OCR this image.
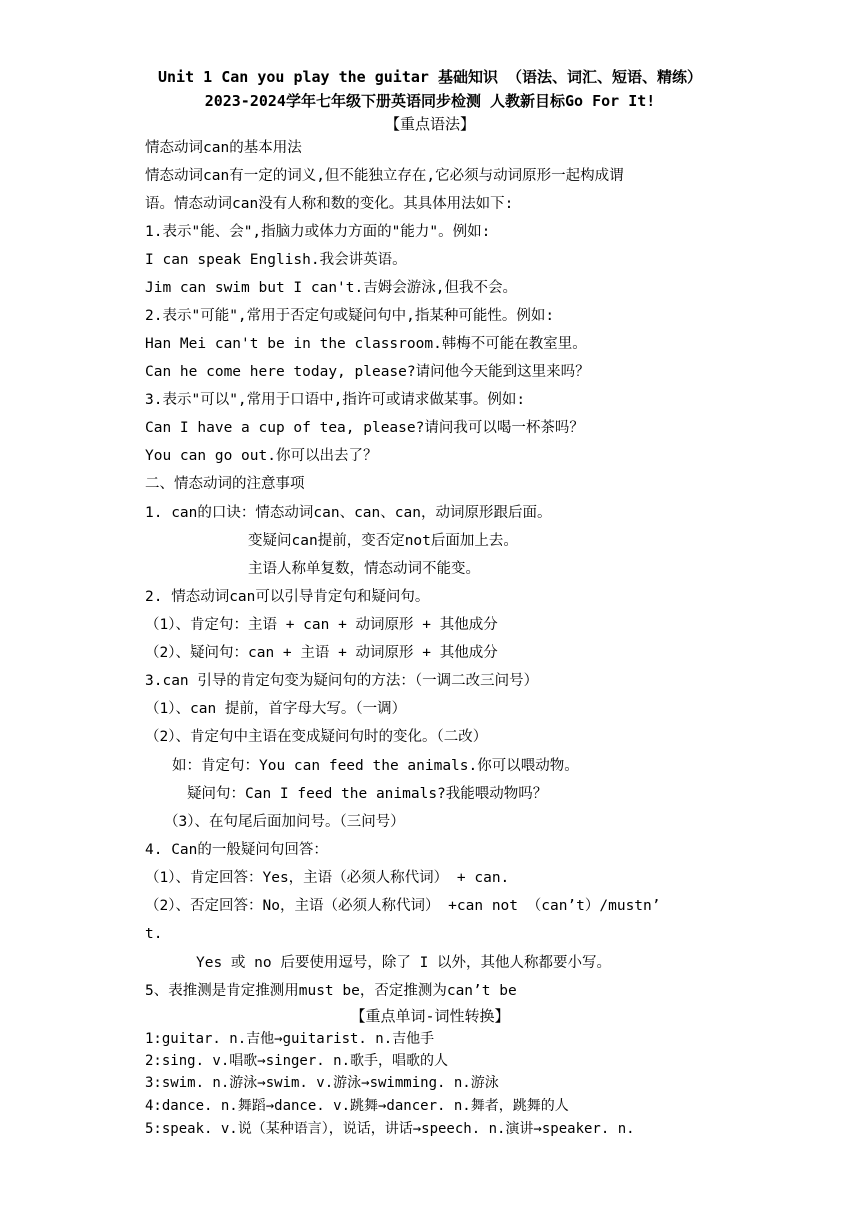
Unit 1 Can you play the guitar 基础知识 （语法、词汇、短语、精练）
2023-2024学年七年级下册英语同步检测 人教新目标Go For It!
【重点语法】
情态动词can的基本用法
情态动词can有一定的词义,但不能独立存在,它必须与动词原形一起构成谓
语。情态动词can没有人称和数的变化。其具体用法如下:
1.表示"能、会",指脑力或体力方面的"能力"。例如:
I can speak English.我会讲英语。
Jim can swim but I can't.吉姆会游泳,但我不会。
2.表示"可能",常用于否定句或疑问句中,指某种可能性。例如:
Han Mei can't be in the classroom.韩梅不可能在教室里。
Can he come here today, please?请问他今天能到这里来吗？
3.表示"可以",常用于口语中,指许可或请求做某事。例如:
Can I have a cup of tea, please?请问我可以喝一杯茶吗？
You can go out.你可以出去了？
二、情态动词的注意事项
1. can的口诀：情态动词can、can、can，动词原形跟后面。
变疑问can提前，变否定not后面加上去。
主语人称单复数，情态动词不能变。
2. 情态动词can可以引导肯定句和疑问句。
（1）、肯定句：主语 + can + 动词原形 + 其他成分
（2）、疑问句：can + 主语 + 动词原形 + 其他成分
3.can 引导的肯定句变为疑问句的方法：（一调二改三问号）
（1）、can 提前，首字母大写。（一调）
（2）、肯定句中主语在变成疑问句时的变化。（二改）
如：肯定句：You can feed the animals.你可以喂动物。
疑问句：Can I feed the animals?我能喂动物吗？
（3）、在句尾后面加问号。（三问号）
4. Can的一般疑问句回答：
（1）、肯定回答：Yes，主语（必须人称代词） + can.
（2）、否定回答：No，主语（必须人称代词） +can not （can’t）/mustn’
t.
Yes 或 no 后要使用逗号，除了 I 以外，其他人称都要小写。
5、表推测是肯定推测用must be，否定推测为can’t be
【重点单词-词性转换】
1:guitar. n.吉他→guitarist. n.吉他手
2:sing. v.唱歌→singer. n.歌手，唱歌的人
3:swim. n.游泳→swim. v.游泳→swimming. n.游泳
4:dance. n.舞蹈→dance. v.跳舞→dancer. n.舞者，跳舞的人
5:speak. v.说（某种语言），说话，讲话→speech. n.演讲→speaker. n.
